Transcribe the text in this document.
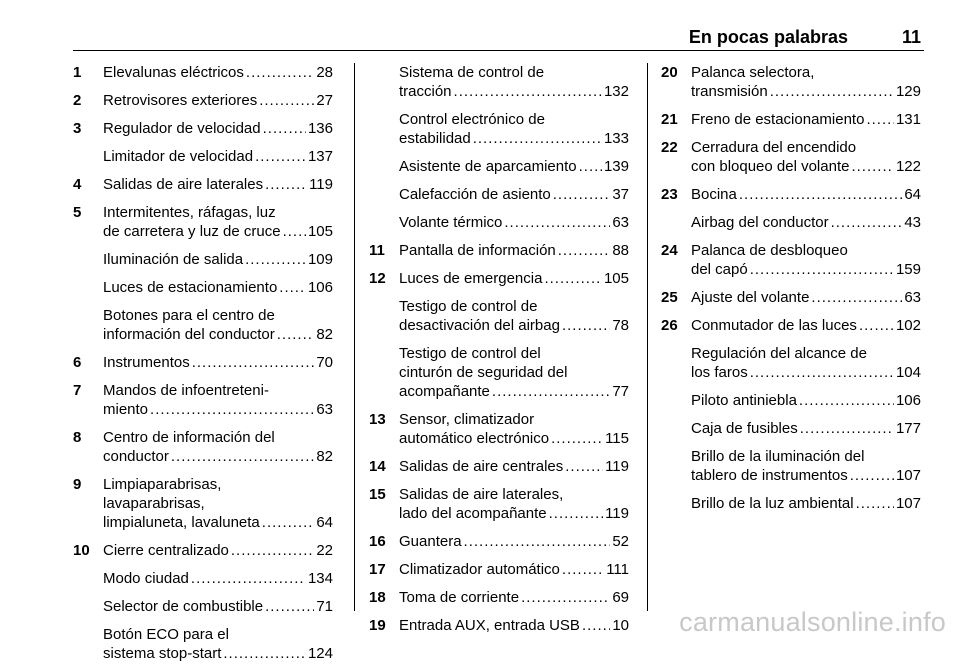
En pocas palabras	11
1	Elevalunas eléctricos .....	28
2	Retrovisores exteriores .....	27
3	Regulador de velocidad .....	136
Limitador de velocidad .....	137
4	Salidas de aire laterales .....	119
5	Intermitentes, ráfagas, luz
de carretera y luz de cruce ..... 105
Iluminación de salida .....	109
Luces de estacionamiento ..... 106
Botones para el centro de
información del conductor .....	82
6	Instrumentos .....	70
7	Mandos de infoentreteni-
miento .....	63
8	Centro de información del
conductor .....	82
9	Limpiaparabrisas,
lavaparabrisas,
limpialuneta, lavaluneta .....	64
10 Cierre centralizado .....	22
Modo ciudad .....	134
Selector de combustible .....	71
Botón ECO para el
sistema stop-start .....	124
Sistema de control de
tracción .....	132
Control electrónico de
estabilidad .....	133
Asistente de aparcamiento ..... 139
Calefacción de asiento .....	37
Volante térmico .....	63
11 Pantalla de información .....	88
12 Luces de emergencia .....	105
Testigo de control de
desactivación del airbag .....	78
Testigo de control del
cinturón de seguridad del
acompañante .....	77
13 Sensor, climatizador
automático electrónico .....	115
14 Salidas de aire centrales .....	119
15 Salidas de aire laterales,
lado del acompañante .....	119
16 Guantera .....	52
17 Climatizador automático .....	111
18 Toma de corriente .....	69
19 Entrada AUX, entrada USB ..... 10
20 Palanca selectora,
transmisión .....	129
21 Freno de estacionamiento ..... 131
22 Cerradura del encendido
con bloqueo del volante .....	122
23 Bocina .....	64
Airbag del conductor .....	43
24 Palanca de desbloqueo
del capó .....	159
25 Ajuste del volante .....	63
26 Conmutador de las luces .....	102
Regulación del alcance de
los faros .....	104
Piloto antiniebla .....	106
Caja de fusibles .....	177
Brillo de la iluminación del
tablero de instrumentos .....	107
Brillo de la luz ambiental .....	107
carmanualsonline.info
